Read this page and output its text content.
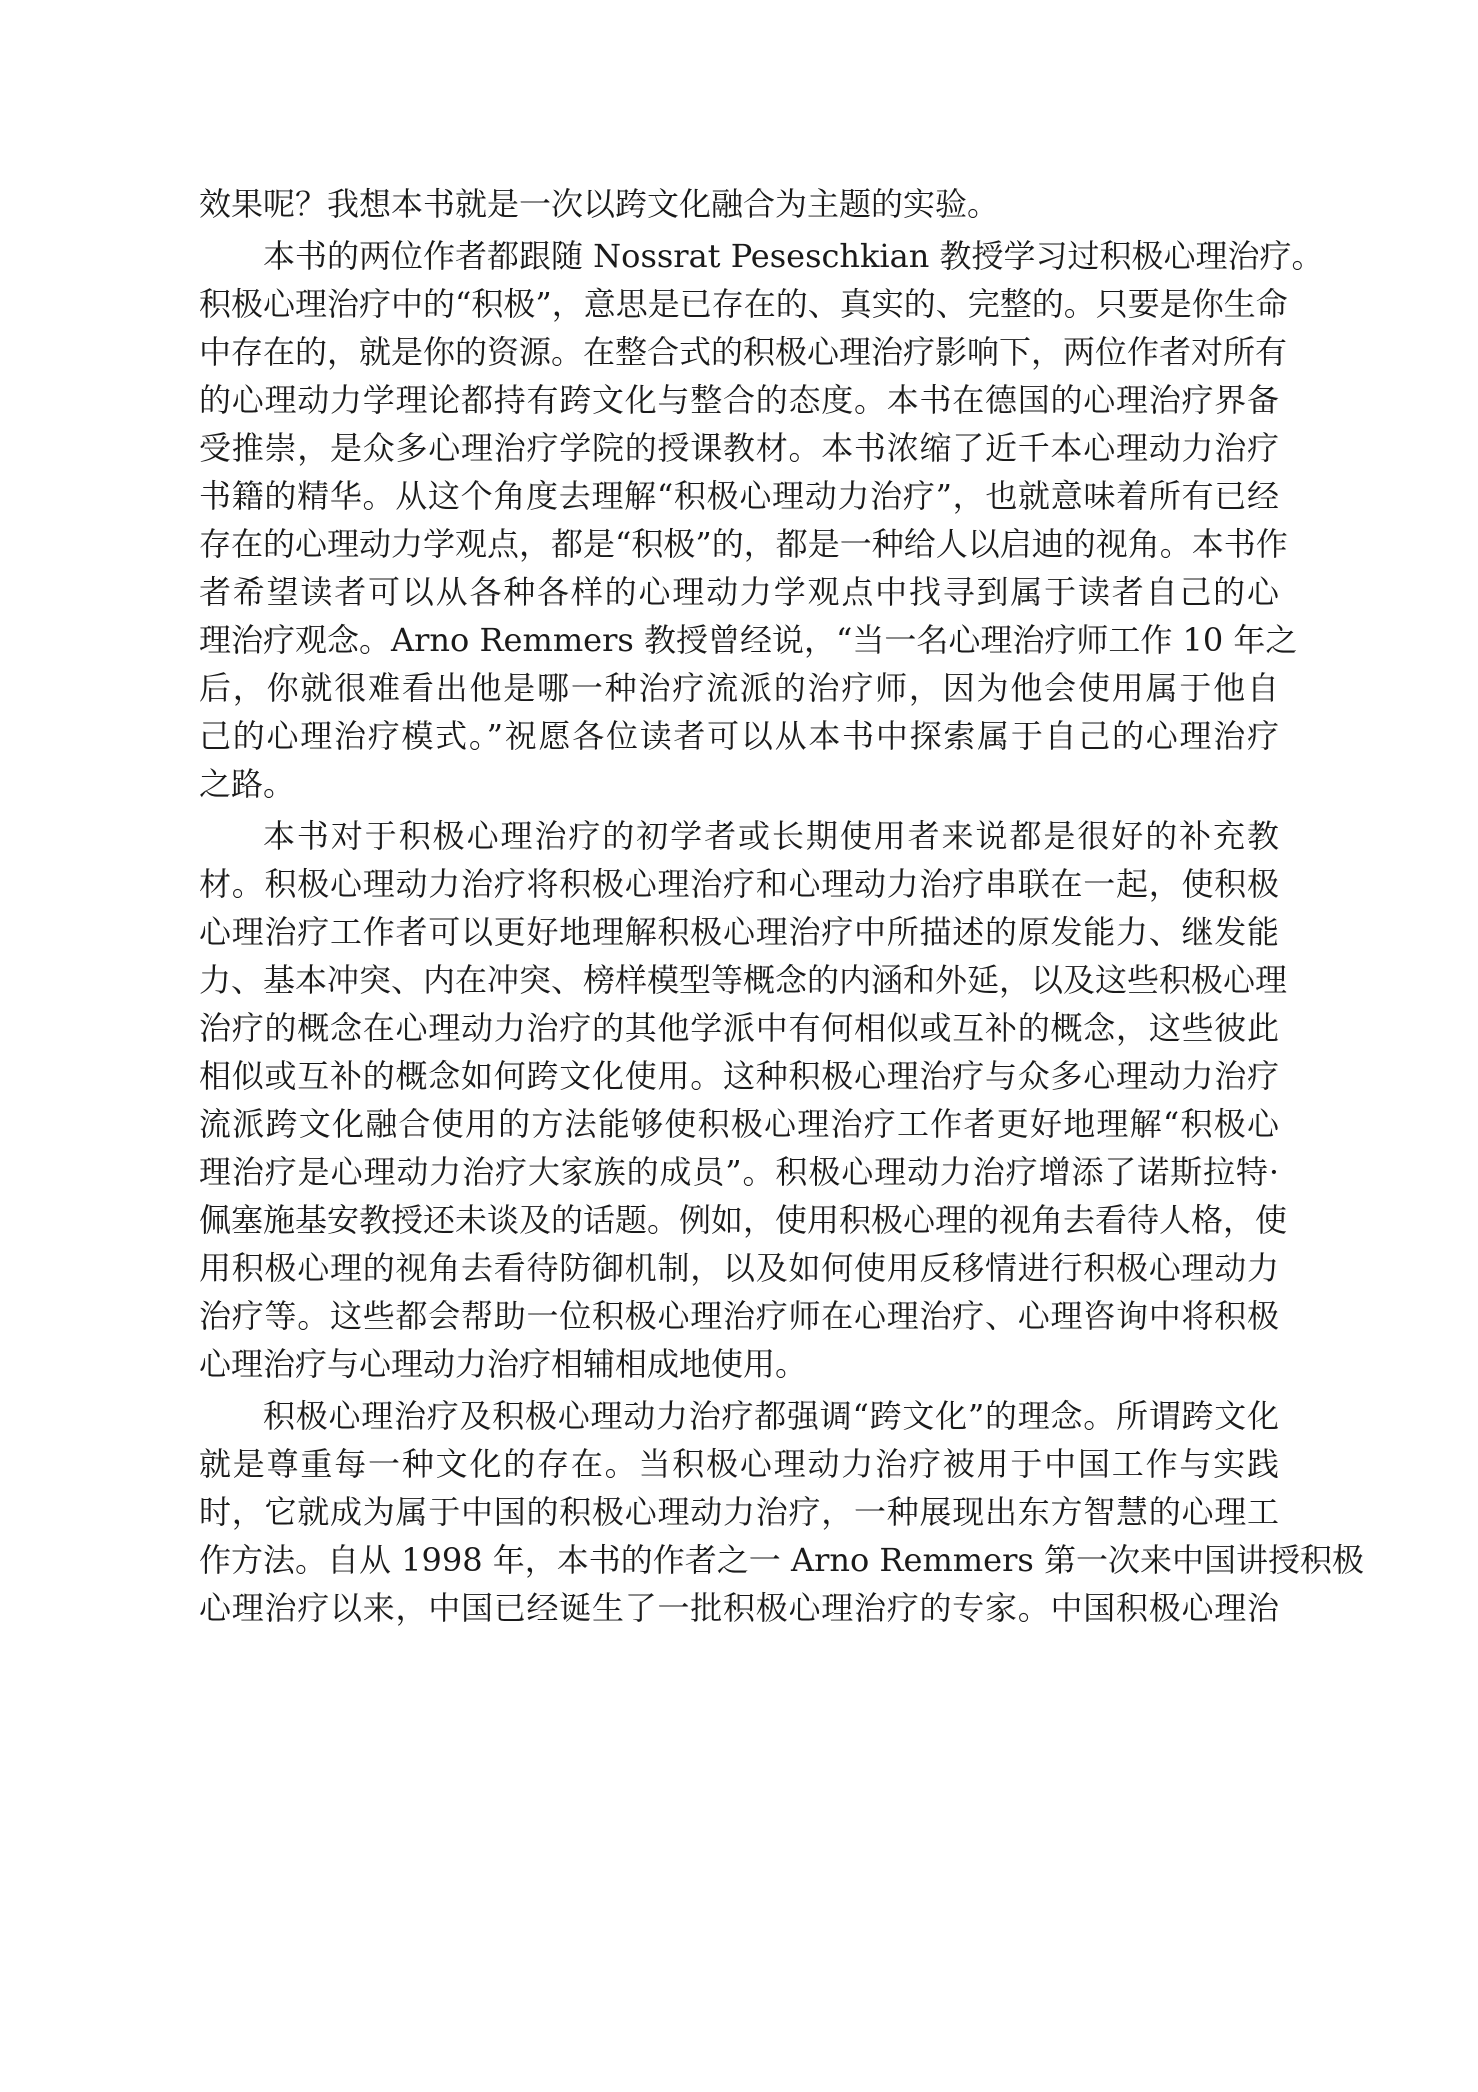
效果呢？我想本书就是一次以跨文化融合为主题的实验。
本书的两位作者都跟随 Nossrat Peseschkian 教授学习过积极心理治疗。
积极心理治疗中的“积极”，意思是已存在的、真实的、完整的。只要是你生命
中存在的，就是你的资源。在整合式的积极心理治疗影响下，两位作者对所有
的心理动力学理论都持有跨文化与整合的态度。本书在德国的心理治疗界备
受推崇，是众多心理治疗学院的授课教材。本书浓缩了近千本心理动力治疗
书籍的精华。从这个角度去理解“积极心理动力治疗”，也就意味着所有已经
存在的心理动力学观点，都是“积极”的，都是一种给人以启迪的视角。本书作
者希望读者可以从各种各样的心理动力学观点中找寻到属于读者自己的心
理治疗观念。Arno Remmers 教授曾经说，“当一名心理治疗师工作 10 年之
后，你就很难看出他是哪一种治疗流派的治疗师，因为他会使用属于他自
己的心理治疗模式。”祝愿各位读者可以从本书中探索属于自己的心理治疗
之路。
本书对于积极心理治疗的初学者或长期使用者来说都是很好的补充教
材。积极心理动力治疗将积极心理治疗和心理动力治疗串联在一起，使积极
心理治疗工作者可以更好地理解积极心理治疗中所描述的原发能力、继发能
力、基本冲突、内在冲突、榜样模型等概念的内涵和外延，以及这些积极心理
治疗的概念在心理动力治疗的其他学派中有何相似或互补的概念，这些彼此
相似或互补的概念如何跨文化使用。这种积极心理治疗与众多心理动力治疗
流派跨文化融合使用的方法能够使积极心理治疗工作者更好地理解“积极心
理治疗是心理动力治疗大家族的成员”。积极心理动力治疗增添了诺斯拉特·
佩塞施基安教授还未谈及的话题。例如，使用积极心理的视角去看待人格，使
用积极心理的视角去看待防御机制，以及如何使用反移情进行积极心理动力
治疗等。这些都会帮助一位积极心理治疗师在心理治疗、心理咨询中将积极
心理治疗与心理动力治疗相辅相成地使用。
积极心理治疗及积极心理动力治疗都强调“跨文化”的理念。所谓跨文化
就是尊重每一种文化的存在。当积极心理动力治疗被用于中国工作与实践
时，它就成为属于中国的积极心理动力治疗，一种展现出东方智慧的心理工
作方法。自从 1998 年，本书的作者之一 Arno Remmers 第一次来中国讲授积极
心理治疗以来，中国已经诞生了一批积极心理治疗的专家。中国积极心理治
